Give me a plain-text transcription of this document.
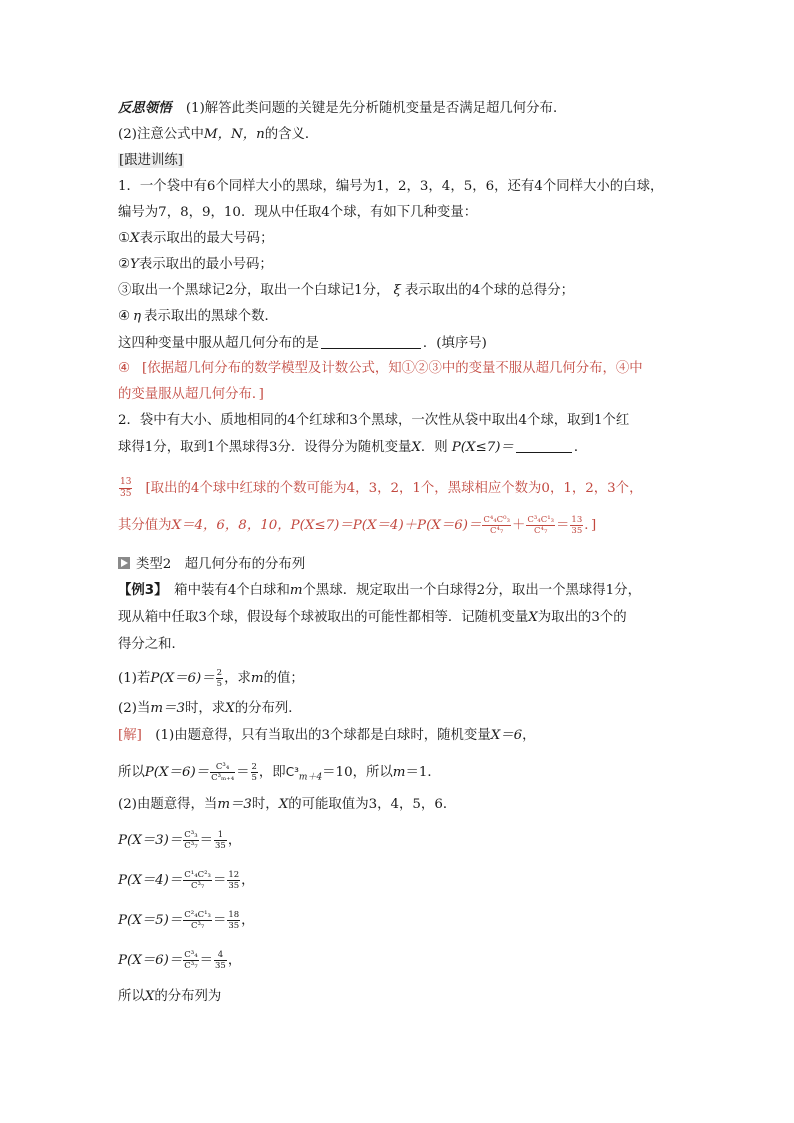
反思领悟 (1)解答此类问题的关键是先分析随机变量是否满足超几何分布．
(2)注意公式中M，N，n的含义．
[跟进训练]
1．一个袋中有6个同样大小的黑球，编号为1，2，3，4，5，6，还有4个同样大小的白球，
编号为7，8，9，10．现从中任取4个球，有如下几种变量：
①X表示取出的最大号码；
②Y表示取出的最小号码；
③取出一个黑球记2分，取出一个白球记1分， ξ 表示取出的4个球的总得分；
④ η 表示取出的黑球个数．
这四种变量中服从超几何分布的是	．(填序号)
④ [依据超几何分布的数学模型及计数公式，知①②③中的变量不服从超几何分布，④中
的变量服从超几何分布．]
2．袋中有大小、质地相同的4个红球和3个黑球，一次性从袋中取出4个球，取到1个红
球得1分，取到1个黑球得3分．设得分为随机变量X．则 P(X≤7)＝	．
$\frac{13}{35}$ [取出的4个球中红球的个数可能为4，3，2，1个，黑球相应个数为0，1，2，3个，
其分值为X＝4，6，8，10，$P(X\le 7)=P(X=4)+P(X=6)= \frac{\text{C⁴₄C⁰₃}}{\text{C⁴₇}} + \frac{\text{C³₄C¹₃}}{\text{C⁴₇}} = \frac{13}{35}$ ．]
类型2　超几何分布的分布列
【例3】　箱中装有4个白球和m个黑球．规定取出一个白球得2分，取出一个黑球得1分，
现从箱中任取3个球，假设每个球被取出的可能性都相等．记随机变量X为取出的3个的
得分之和．
(1)若$P(X=6)= \frac{2}{5}$ ，求m的值；
(2)当m＝3时，求X的分布列．
[解]　(1)由题意得，只有当取出的3个球都是白球时，随机变量X＝6，
所以$P(X=6)= \frac{\text{C³₄}}{\text{C³ₘ₊₄}} = \frac{2}{5}$ ，即$C^3_{m+4}=10$，所以m＝1．
(2)由题意得，当m＝3时，X的可能取值为3，4，5，6．
$P(X=3)= \frac{\text{C³₃}}{\text{C³₇}} = \frac{1}{35}$ ，
$P(X=4)= \frac{\text{C¹₄C²₃}}{\text{C³₇}} = \frac{12}{35}$ ，
$P(X=5)= \frac{\text{C²₄C¹₃}}{\text{C³₇}} = \frac{18}{35}$ ，
$P(X=6)= \frac{\text{C³₄}}{\text{C³₇}} = \frac{4}{35}$ ，
所以X的分布列为
